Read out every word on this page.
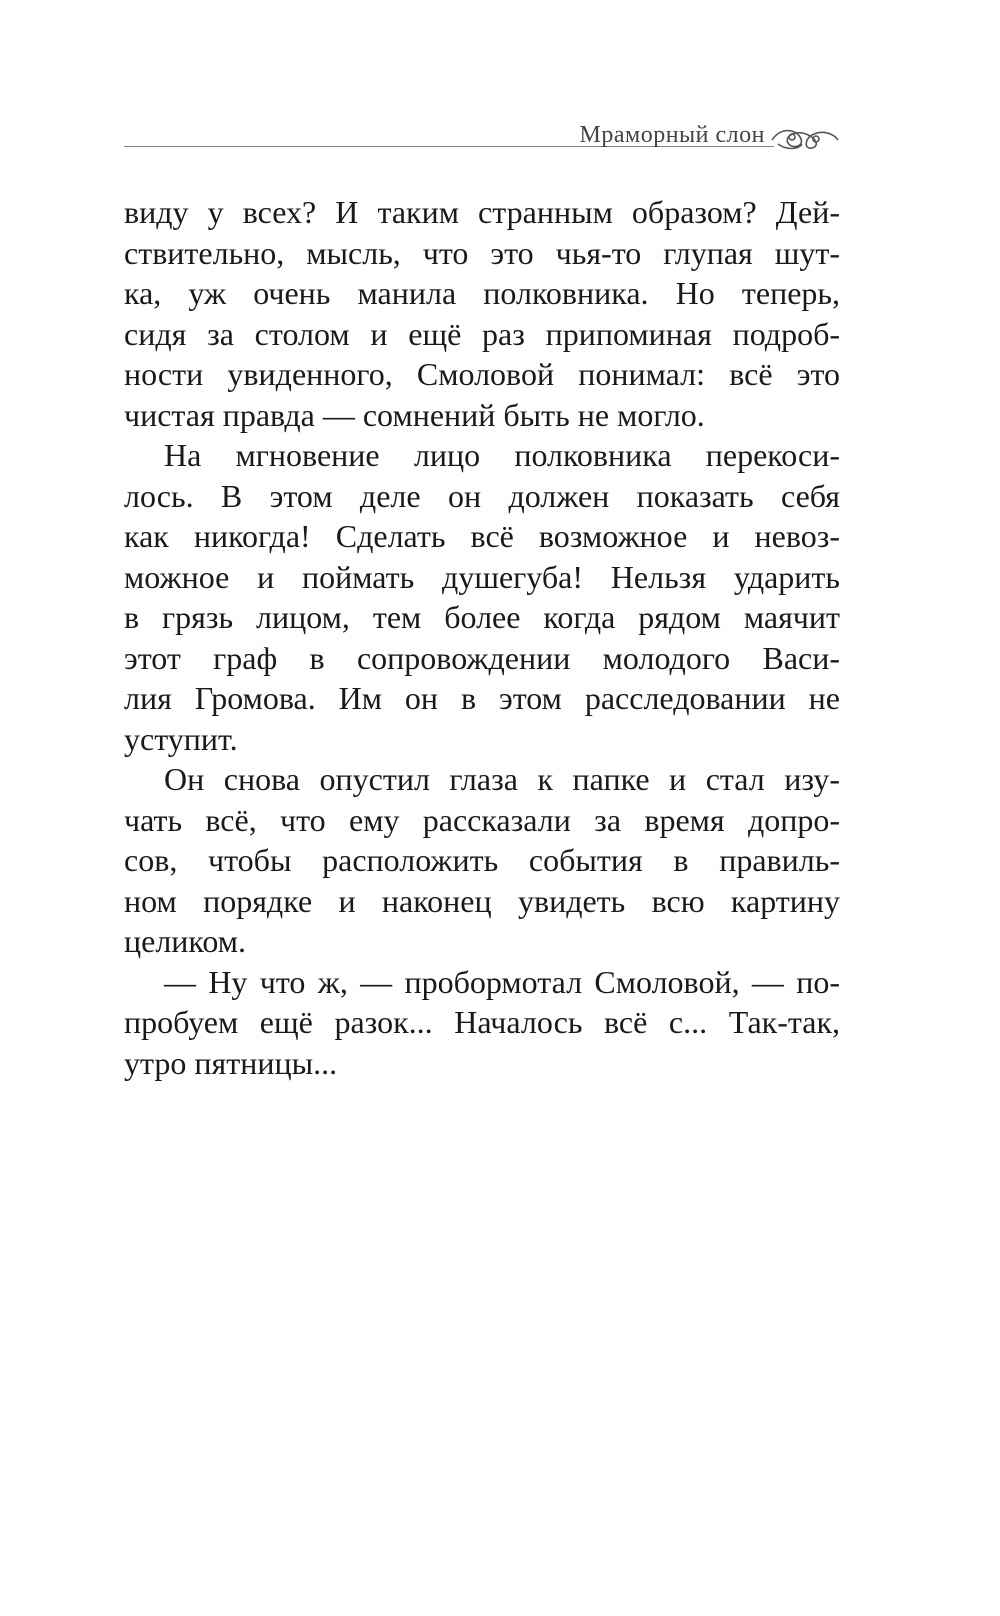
Мраморный слон
виду у всех? И таким странным образом? Дей-
ствительно, мысль, что это чья-то глупая шут-
ка, уж очень манила полковника. Но теперь,
сидя за столом и ещё раз припоминая подроб-
ности увиденного, Смоловой понимал: всё это
чистая правда — сомнений быть не могло.
На мгновение лицо полковника перекоси-
лось. В этом деле он должен показать себя
как никогда! Сделать всё возможное и невоз-
можное и поймать душегуба! Нельзя ударить
в грязь лицом, тем более когда рядом маячит
этот граф в сопровождении молодого Васи-
лия Громова. Им он в этом расследовании не
уступит.
Он снова опустил глаза к папке и стал изу-
чать всё, что ему рассказали за время допро-
сов, чтобы расположить события в правиль-
ном порядке и наконец увидеть всю картину
целиком.
— Ну что ж, — пробормотал Смоловой, — по-
пробуем ещё разок... Началось всё с... Так-так,
утро пятницы...
